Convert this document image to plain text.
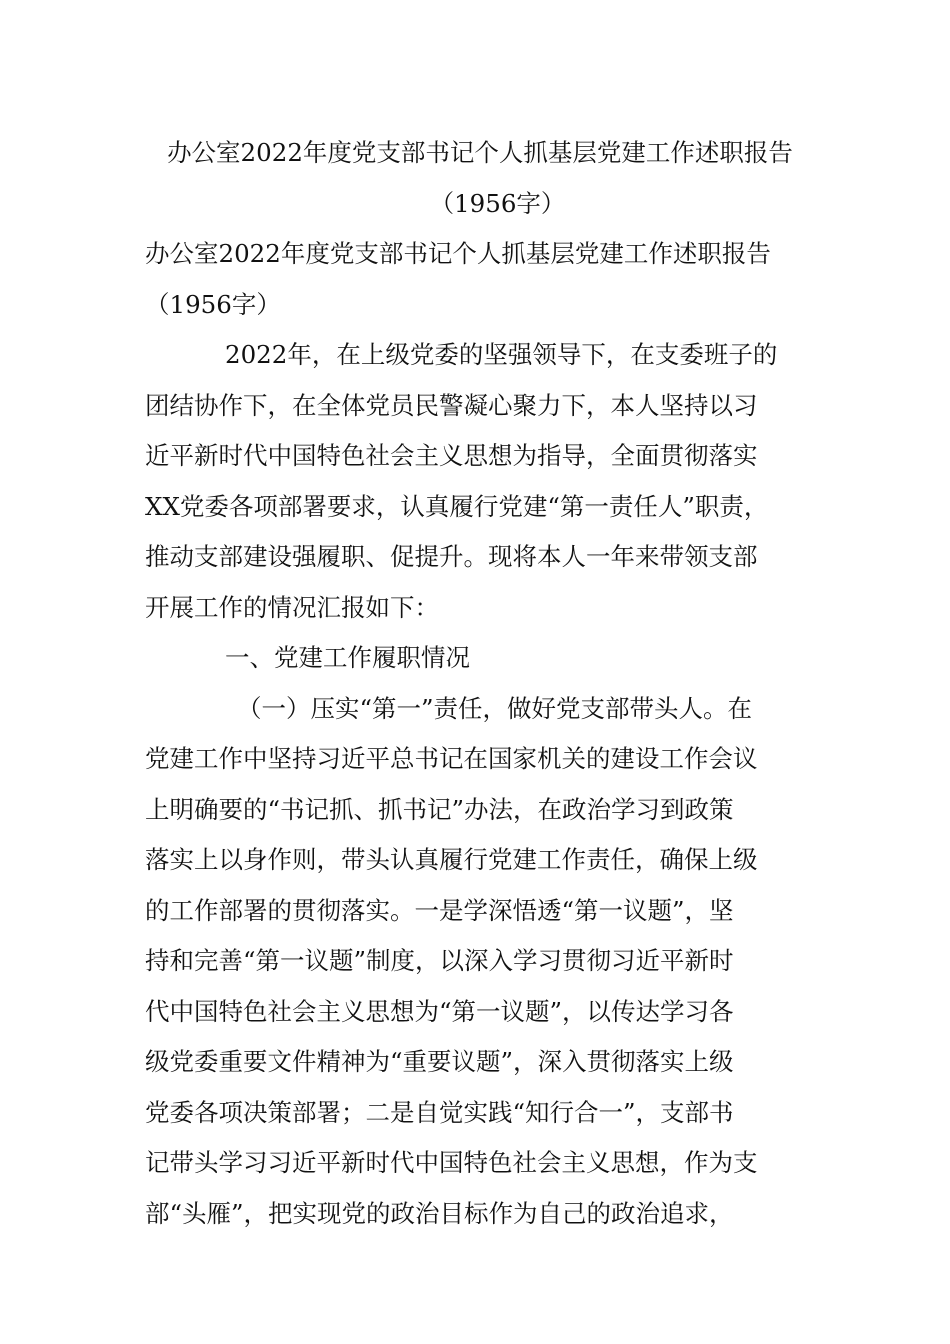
办公室2022年度党支部书记个人抓基层党建工作述职报告
（1956字）
办公室2022年度党支部书记个人抓基层党建工作述职报告
（1956字）
2022年，在上级党委的坚强领导下，在支委班子的
团结协作下，在全体党员民警凝心聚力下，本人坚持以习
近平新时代中国特色社会主义思想为指导，全面贯彻落实
XX党委各项部署要求，认真履行党建“第一责任人”职责，
推动支部建设强履职、促提升。现将本人一年来带领支部
开展工作的情况汇报如下：
一、党建工作履职情况
（一）压实“第一”责任，做好党支部带头人。在
党建工作中坚持习近平总书记在国家机关的建设工作会议
上明确要的“书记抓、抓书记”办法，在政治学习到政策
落实上以身作则，带头认真履行党建工作责任，确保上级
的工作部署的贯彻落实。一是学深悟透“第一议题”，坚
持和完善“第一议题”制度，以深入学习贯彻习近平新时
代中国特色社会主义思想为“第一议题”，以传达学习各
级党委重要文件精神为“重要议题”，深入贯彻落实上级
党委各项决策部署；二是自觉实践“知行合一”，支部书
记带头学习习近平新时代中国特色社会主义思想，作为支
部“头雁”，把实现党的政治目标作为自己的政治追求，
